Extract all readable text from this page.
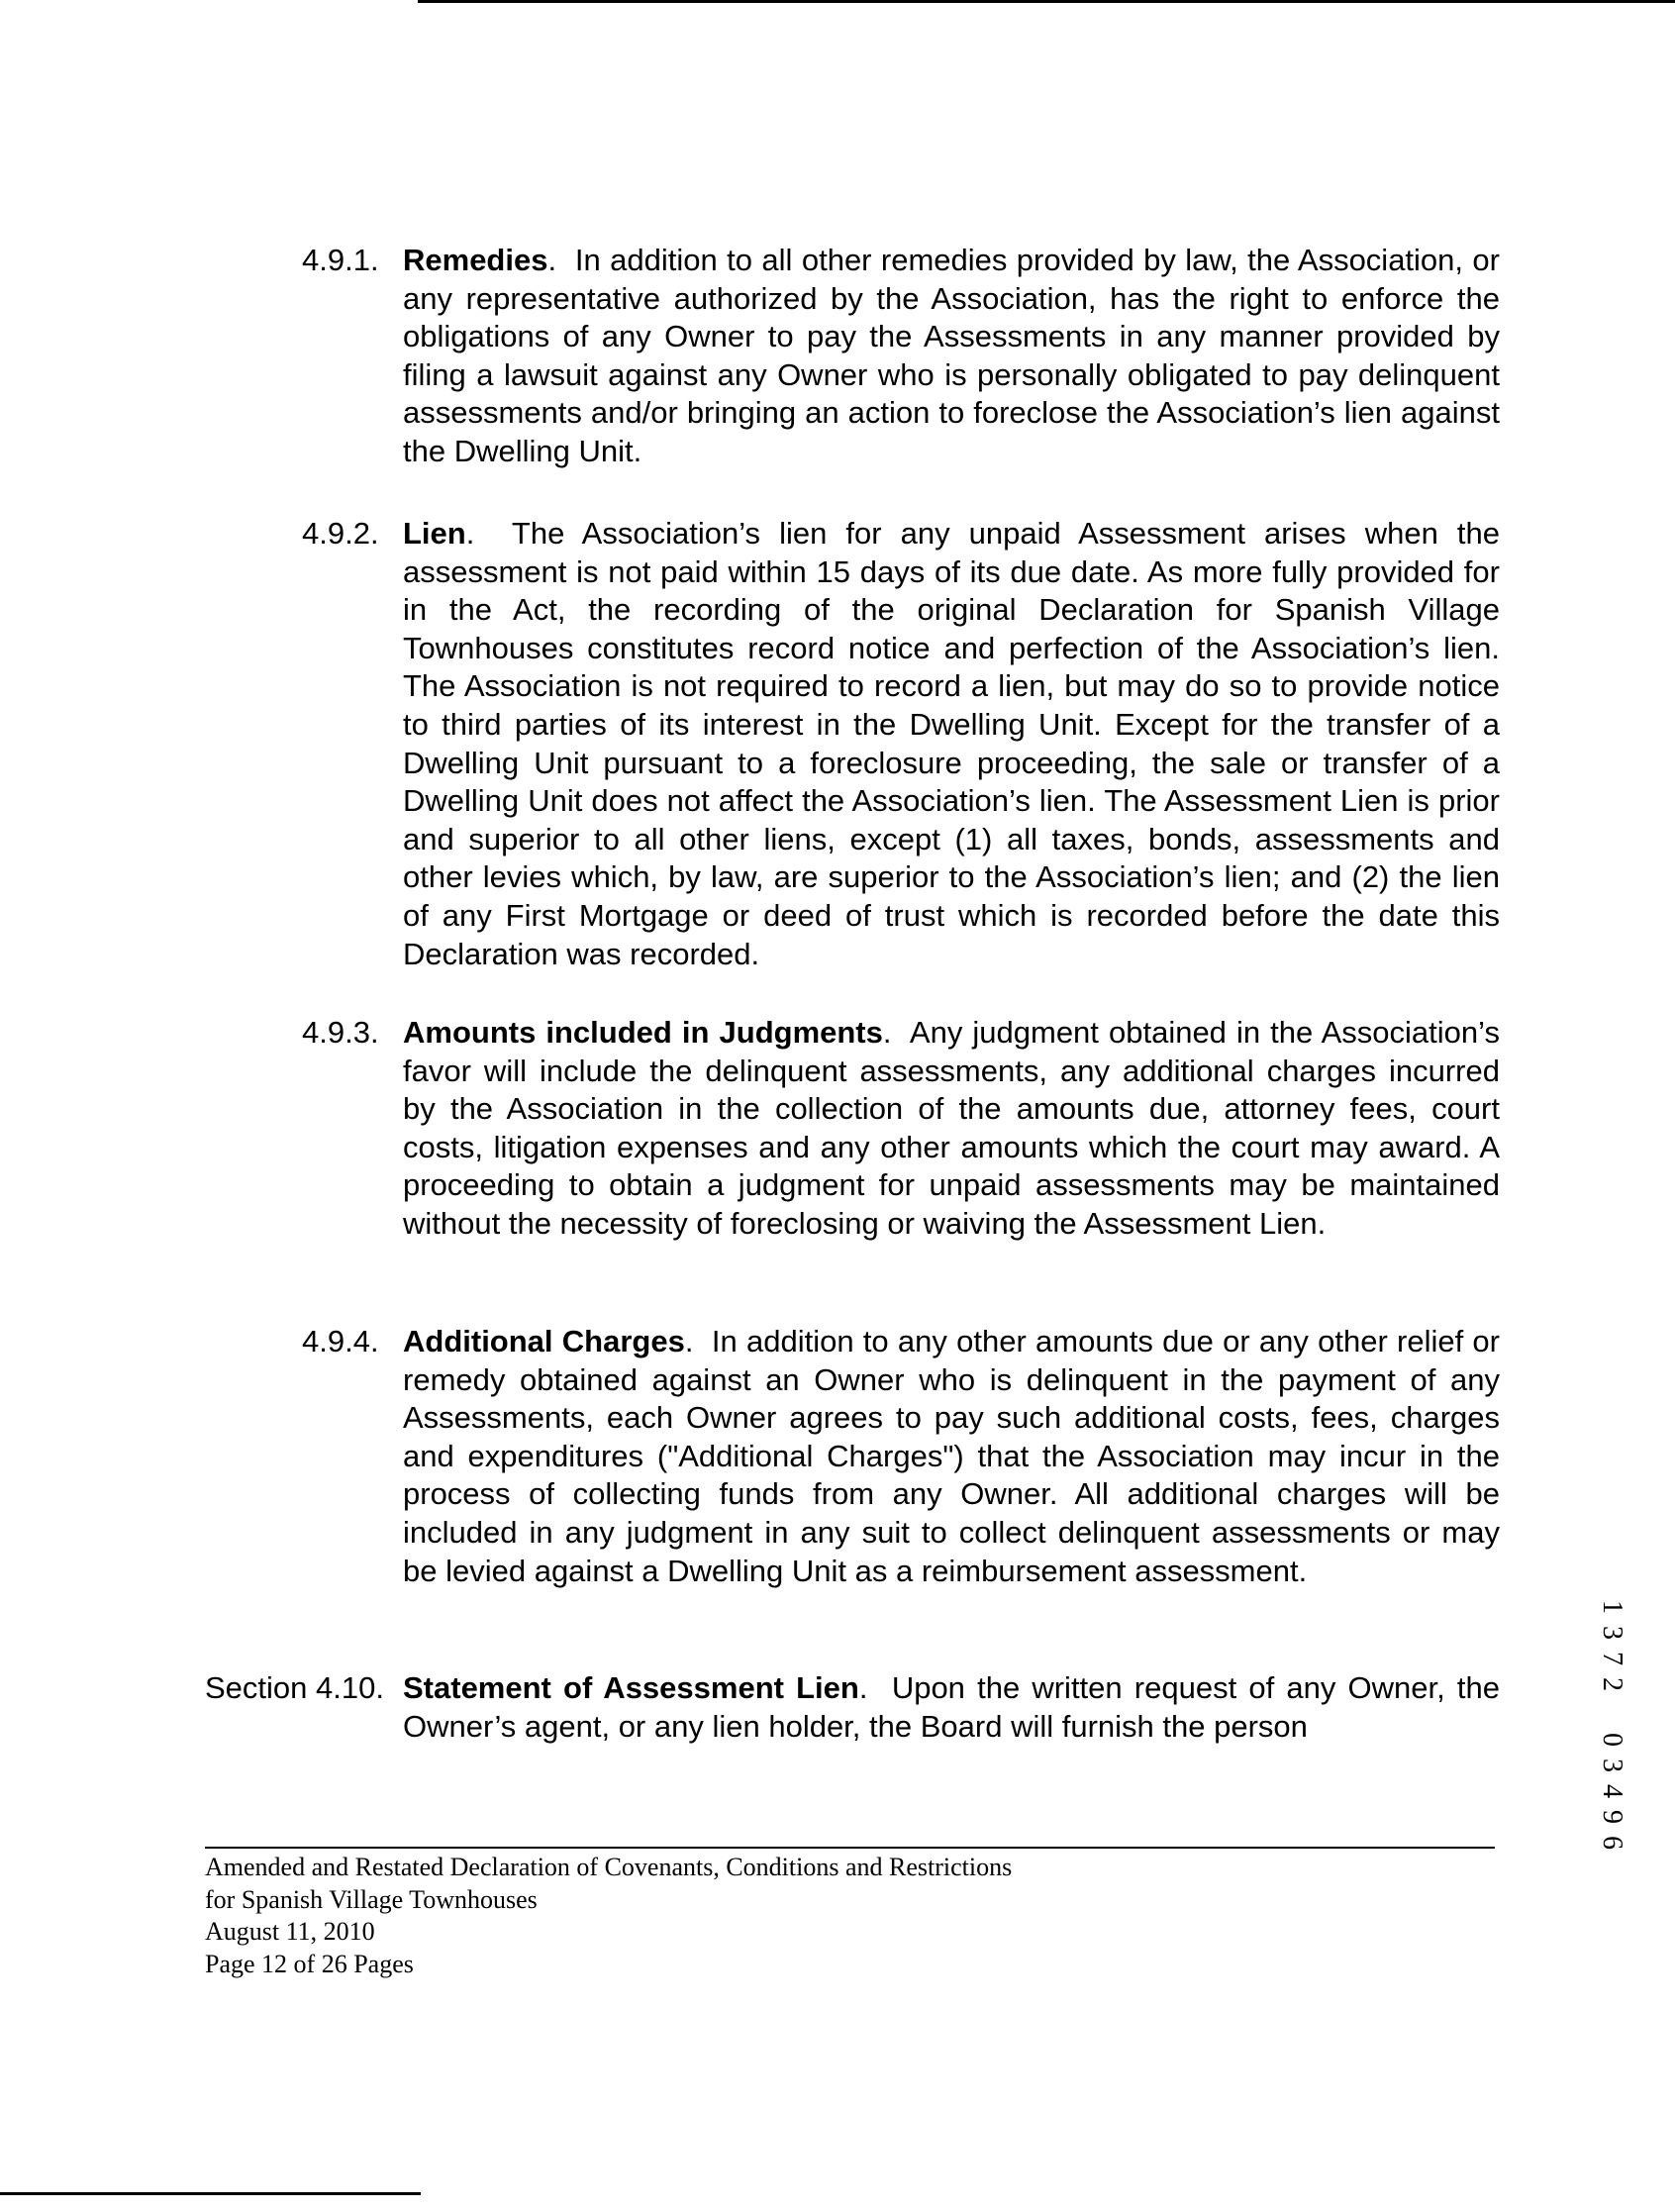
4.9.1. Remedies.  In addition to all other remedies provided by law, the Association, or any representative authorized by the Association, has the right to enforce the obligations of any Owner to pay the Assessments in any manner provided by filing a lawsuit against any Owner who is personally obligated to pay delinquent assessments and/or bringing an action to foreclose the Association’s lien against the Dwelling Unit.
4.9.2. Lien.  The Association’s lien for any unpaid Assessment arises when the assessment is not paid within 15 days of its due date. As more fully provided for in the Act, the recording of the original Declaration for Spanish Village Townhouses constitutes record notice and perfection of the Association’s lien. The Association is not required to record a lien, but may do so to provide notice to third parties of its interest in the Dwelling Unit. Except for the transfer of a Dwelling Unit pursuant to a foreclosure proceeding, the sale or transfer of a Dwelling Unit does not affect the Association’s lien. The Assessment Lien is prior and superior to all other liens, except (1) all taxes, bonds, assessments and other levies which, by law, are superior to the Association’s lien; and (2) the lien of any First Mortgage or deed of trust which is recorded before the date this Declaration was recorded.
4.9.3. Amounts included in Judgments.  Any judgment obtained in the Association’s favor will include the delinquent assessments, any additional charges incurred by the Association in the collection of the amounts due, attorney fees, court costs, litigation expenses and any other amounts which the court may award. A proceeding to obtain a judgment for unpaid assessments may be maintained without the necessity of foreclosing or waiving the Assessment Lien.
4.9.4. Additional Charges.  In addition to any other amounts due or any other relief or remedy obtained against an Owner who is delinquent in the payment of any Assessments, each Owner agrees to pay such additional costs, fees, charges and expenditures ("Additional Charges") that the Association may incur in the process of collecting funds from any Owner. All additional charges will be included in any judgment in any suit to collect delinquent assessments or may be levied against a Dwelling Unit as a reimbursement assessment.
Section 4.10. Statement of Assessment Lien.  Upon the written request of any Owner, the Owner’s agent, or any lien holder, the Board will furnish the person
1
3
7
2
0
3
4
9
6
Amended and Restated Declaration of Covenants, Conditions and Restrictions
for Spanish Village Townhouses
August 11, 2010
Page 12 of 26 Pages
